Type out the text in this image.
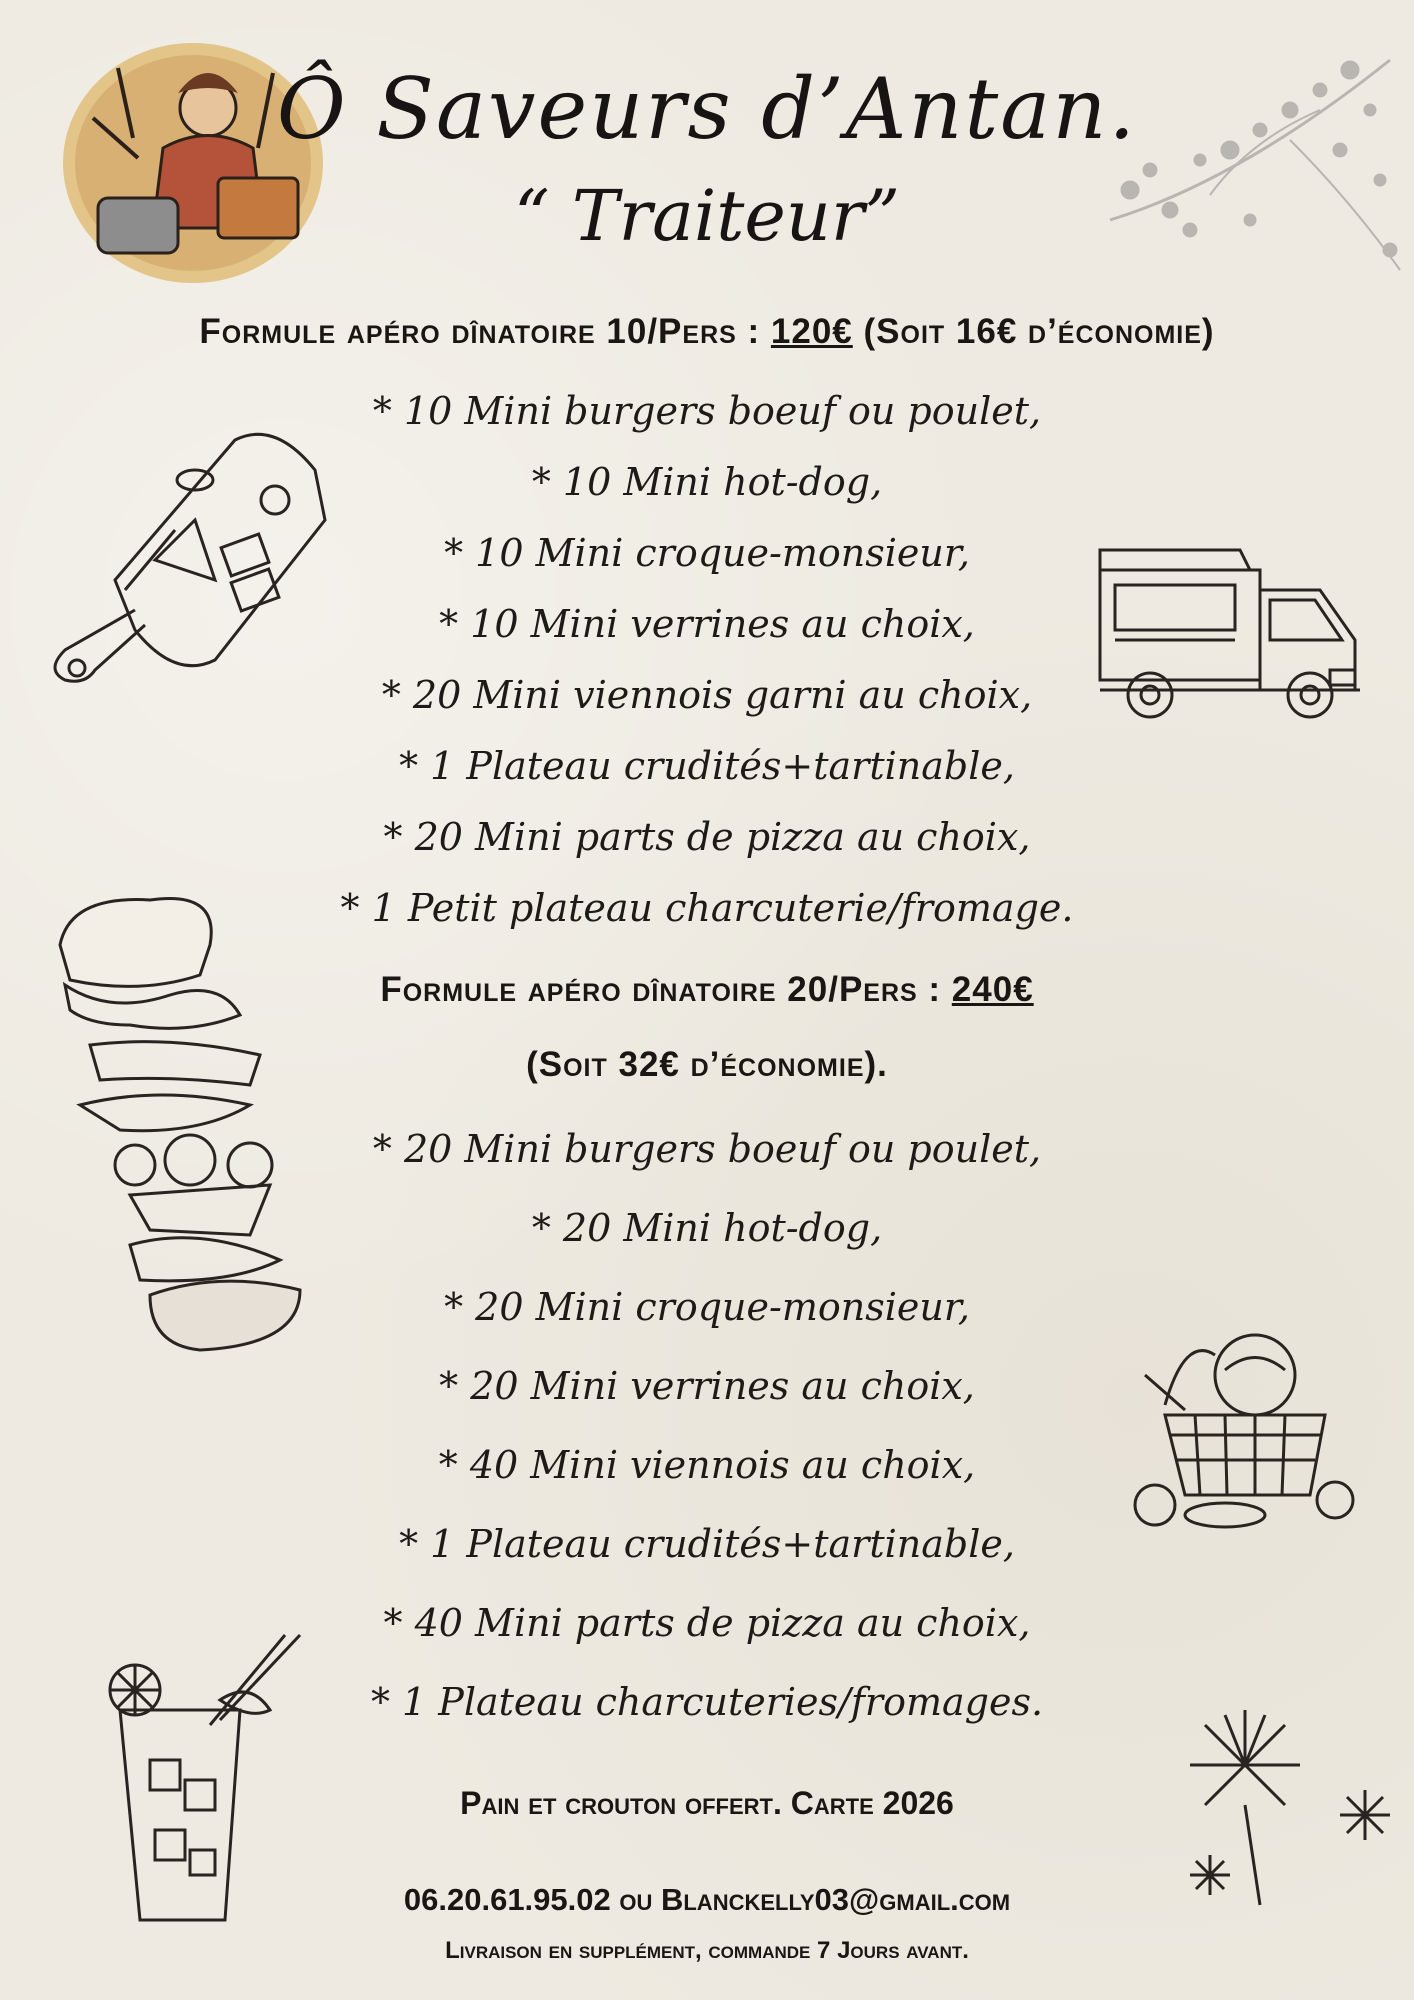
Ô Saveurs d’Antan.
“ Traiteur”
Formule apéro dînatoire 10/Pers : 120€ (Soit 16€ d’économie)
* 10 Mini burgers boeuf ou poulet,
* 10 Mini hot-dog,
* 10 Mini croque-monsieur,
* 10 Mini verrines au choix,
* 20 Mini viennois garni au choix,
* 1 Plateau crudités+tartinable,
* 20 Mini parts de pizza au choix,
* 1 Petit plateau charcuterie/fromage.
Formule apéro dînatoire 20/Pers : 240€
(Soit 32€ d’économie).
* 20 Mini burgers boeuf ou poulet,
* 20 Mini hot-dog,
* 20 Mini croque-monsieur,
* 20 Mini verrines au choix,
* 40 Mini viennois au choix,
* 1 Plateau crudités+tartinable,
* 40 Mini parts de pizza au choix,
* 1 Plateau charcuteries/fromages.
Pain et crouton offert. Carte 2026
06.20.61.95.02 ou Blanckelly03@gmail.com
Livraison en supplément, commande 7 Jours avant.
